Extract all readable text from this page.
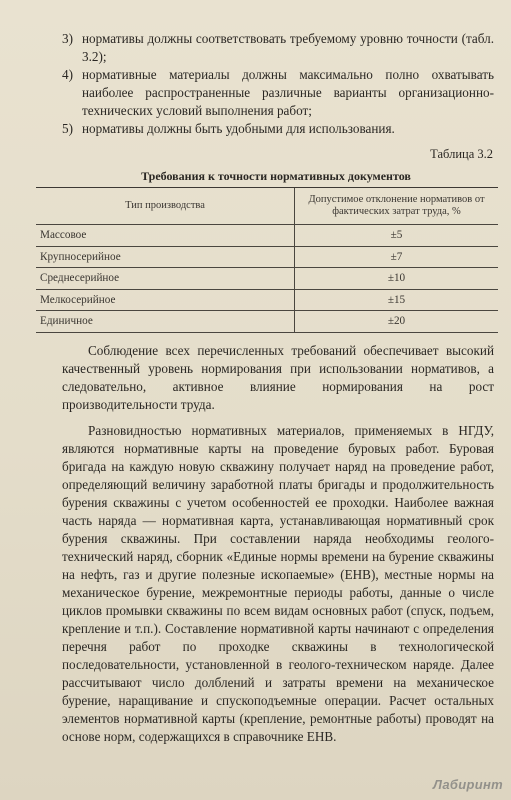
3) нормативы должны соответствовать требуемому уровню точности (табл. 3.2);
4) нормативные материалы должны максимально полно охватывать наиболее распространенные различные варианты организационно-технических условий выполнения работ;
5) нормативы должны быть удобными для использования.
Таблица 3.2
Требования к точности нормативных документов
Тип производства	Допустимое отклонение нормативов от фактических затрат труда, %
Массовое	±5
Крупносерийное	±7
Среднесерийное	±10
Мелкосерийное	±15
Единичное	±20

Соблюдение всех перечисленных требований обеспечивает высокий качественный уровень нормирования при использовании нормативов, а следовательно, активное влияние нормирования на рост производительности труда.

Разновидностью нормативных материалов, применяемых в НГДУ, являются нормативные карты на проведение буровых работ. Буровая бригада на каждую новую скважину получает наряд на проведение работ, определяющий величину заработной платы бригады и продолжительность бурения скважины с учетом особенностей ее проходки. Наиболее важная часть наряда — нормативная карта, устанавливающая нормативный срок бурения скважины. При составлении наряда необходимы геолого-технический наряд, сборник «Единые нормы времени на бурение скважины на нефть, газ и другие полезные ископаемые» (ЕНВ), местные нормы на механическое бурение, межремонтные периоды работы, данные о числе циклов промывки скважины по всем видам основных работ (спуск, подъем, крепление и т.п.). Составление нормативной карты начинают с определения перечня работ по проходке скважины в технологической последовательности, установленной в геолого-техническом наряде. Далее рассчитывают число долблений и затраты времени на механическое бурение, наращивание и спускоподъемные операции. Расчет остальных элементов нормативной карты (крепление, ремонтные работы) проводят на основе норм, содержащихся в справочнике ЕНВ.

Лабиринт
